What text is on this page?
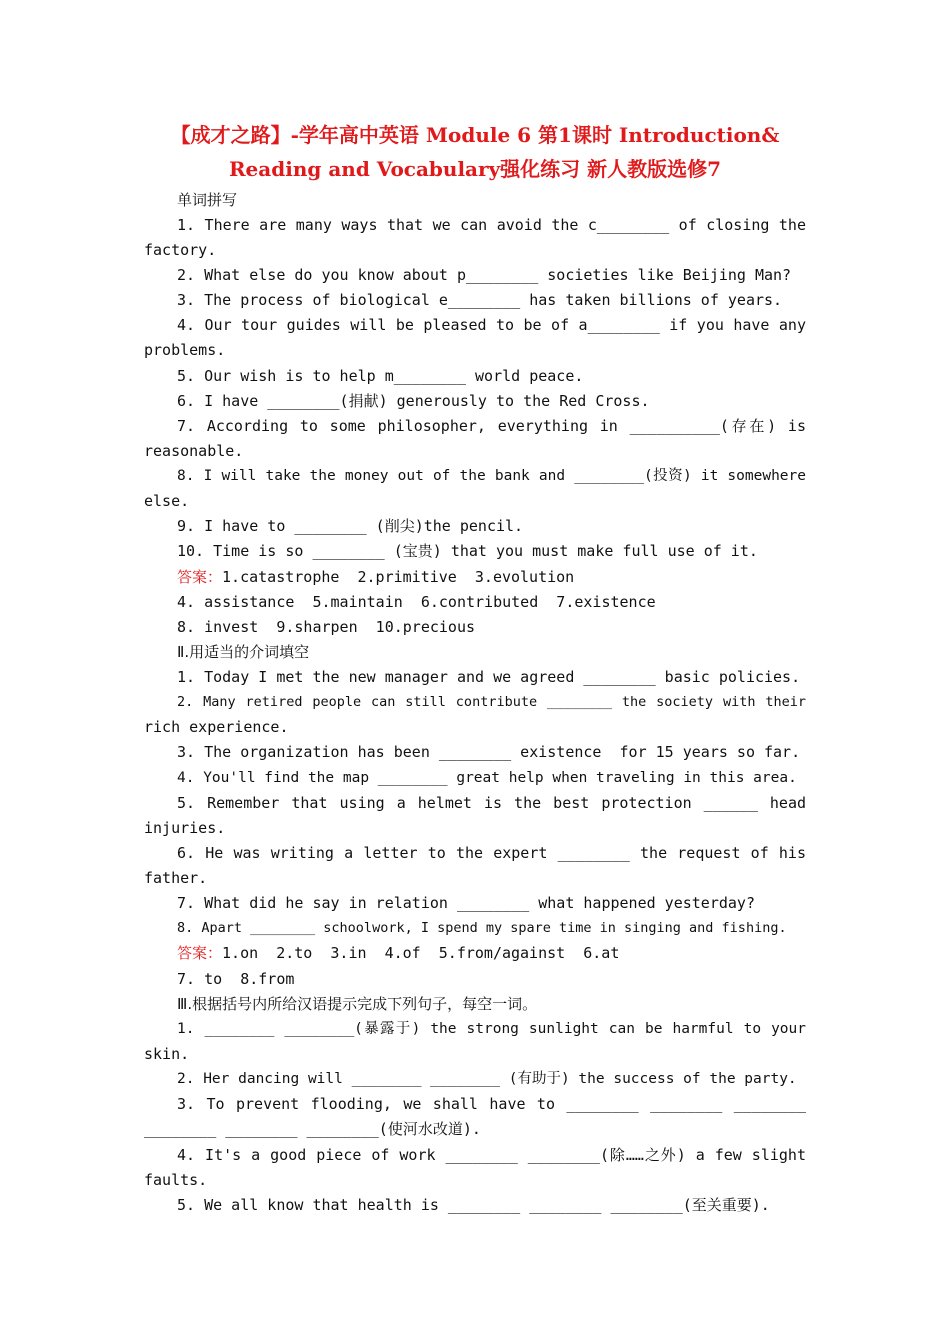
【成才之路】-学年高中英语 Module 6 第1课时 Introduction&
Reading and Vocabulary强化练习 新人教版选修7
单词拼写
1. There are many ways that we can avoid the c________ of closing the
factory.
2. What else do you know about p________ societies like Beijing Man?
3. The process of biological e________ has taken billions of years.
4. Our tour guides will be pleased to be of a________ if you have any
problems.
5. Our wish is to help m________ world peace.
6. I have ________(捐献) generously to the Red Cross.
7. According to some philosopher, everything in __________(存在) is
reasonable.
8. I will take the money out of the bank and ________(投资) it somewhere
else.
9. I have to ________ (削尖)the pencil.
10. Time is so ________ (宝贵) that you must make full use of it.
答案：1.catastrophe  2.primitive  3.evolution
4. assistance  5.maintain  6.contributed  7.existence
8. invest  9.sharpen  10.precious
Ⅱ.用适当的介词填空
1. Today I met the new manager and we agreed ________ basic policies.
2. Many retired people can still contribute ________ the society with their
rich experience.
3. The organization has been ________ existence  for 15 years so far.
4. You'll find the map ________ great help when traveling in this area.
5. Remember that using a helmet is the best protection ______ head
injuries.
6. He was writing a letter to the expert ________ the request of his
father.
7. What did he say in relation ________ what happened yesterday?
8. Apart ________ schoolwork, I spend my spare time in singing and fishing.
答案：1.on  2.to  3.in  4.of  5.from/against  6.at
7. to  8.from
Ⅲ.根据括号内所给汉语提示完成下列句子，每空一词。
1. ________ ________(暴露于) the strong sunlight can be harmful to your
skin.
2. Her dancing will ________ ________ (有助于) the success of the party.
3. To prevent flooding, we shall have to ________ ________ ________
________ ________ ________(使河水改道).
4. It's a good piece of work ________ ________(除……之外) a few slight
faults.
5. We all know that health is ________ ________ ________(至关重要).
